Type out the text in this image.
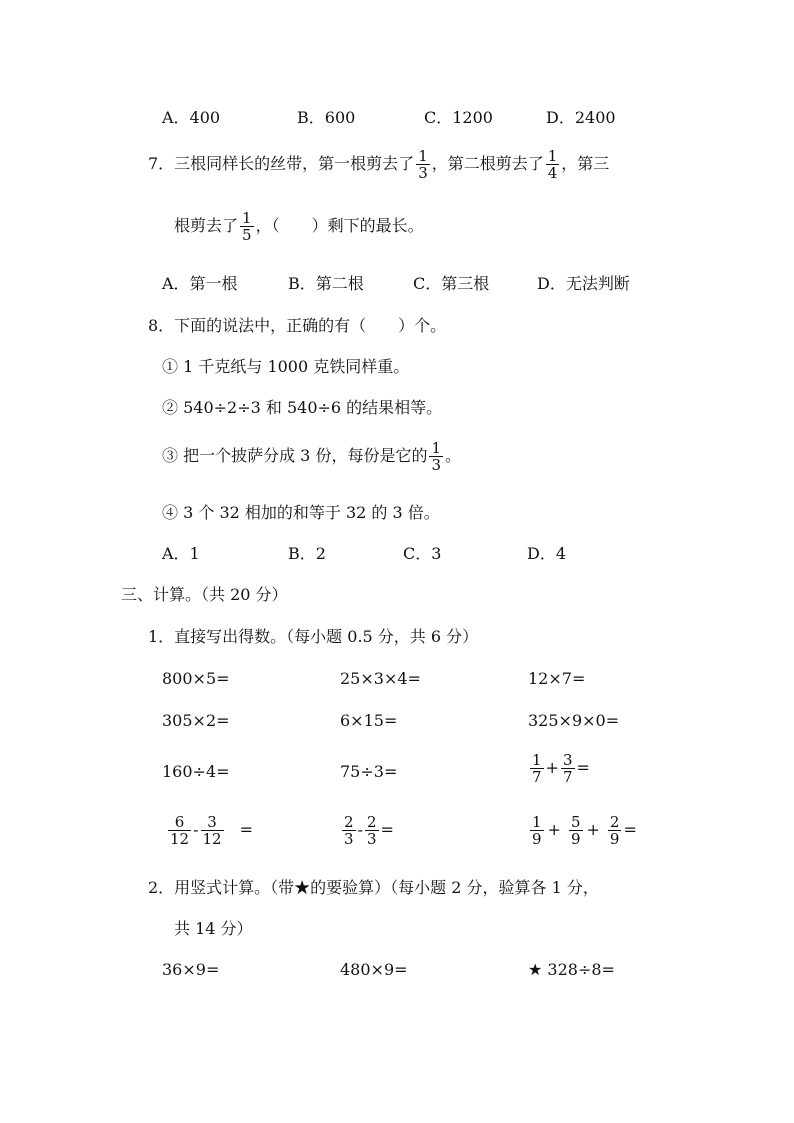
A．400	B．600	C．1200	D．2400
7．三根同样长的丝带，第一根剪去了 $\frac{1}{3}$ ，第二根剪去了 $\frac{1}{4}$ ，第三
根剪去了 $\frac{1}{5}$ ，（　　）剩下的最长。
A．第一根	B．第二根	C．第三根	D．无法判断
8．下面的说法中，正确的有（　　）个。
① 1 千克纸与 1000 克铁同样重。
② 540÷2÷3 和 540÷6 的结果相等。
③ 把一个披萨分成 3 份，每份是它的 $\frac{1}{3}$ 。
④ 3 个 32 相加的和等于 32 的 3 倍。
A．1	B．2	C．3	D．4
三、计算。（共 20 分）
1．直接写出得数。（每小题 0.5 分，共 6 分）
800×5=	25×3×4=	12×7=
305×2=	6×15=	325×9×0=
160÷4=	75÷3=	$\frac{1}{7} + \frac{3}{7}$ =
$\frac{6}{12} - \frac{3}{12}$ =	$\frac{2}{3} - \frac{2}{3}$ =	$\frac{1}{9} + \frac{5}{9} + \frac{2}{9}$ =
2．用竖式计算。（带★的要验算）（每小题 2 分，验算各 1 分，
共 14 分）
36×9=	480×9=	★ 328÷8=
